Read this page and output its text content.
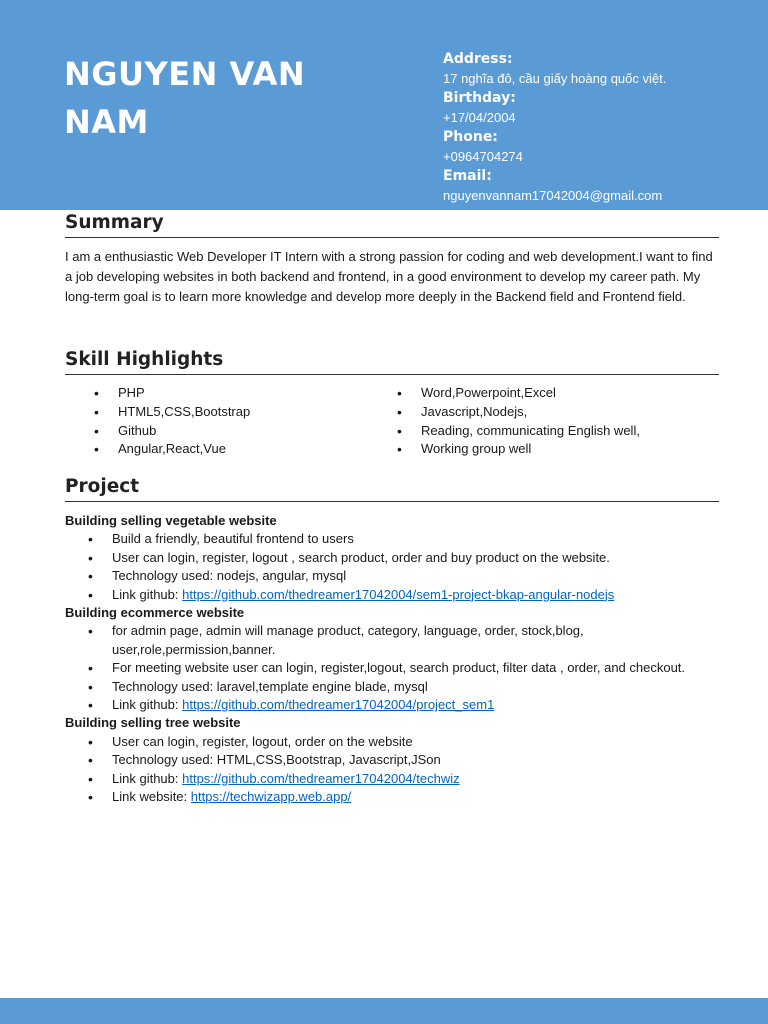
NGUYEN VAN
NAM
Address:
17 nghĩa đô, cầu giấy hoàng quốc việt.
Birthday:
+17/04/2004
Phone:
+0964704274
Email:
nguyenvannam17042004@gmail.com
Summary
I am a enthusiastic Web Developer IT Intern with a strong passion for coding and web development.I want to find a job developing websites in both backend and frontend, in a good environment to develop my career path. My long-term goal is to learn more knowledge and develop more deeply in the Backend field and Frontend field.
Skill Highlights
• PHP
• HTML5,CSS,Bootstrap
• Github
• Angular,React,Vue
• Word,Powerpoint,Excel
• Javascript,Nodejs,
• Reading, communicating English well,
• Working group well
Project
Building selling vegetable website
• Build a friendly, beautiful frontend to users
• User can login, register, logout , search product, order and buy product on the website.
• Technology used: nodejs, angular, mysql
• Link github: https://github.com/thedreamer17042004/sem1-project-bkap-angular-nodejs
Building ecommerce website
• for admin page, admin will manage product, category, language, order, stock,blog, user,role,permission,banner.
• For meeting website user can login, register,logout, search product, filter data , order, and checkout.
• Technology used: laravel,template engine blade, mysql
• Link github: https://github.com/thedreamer17042004/project_sem1
Building selling tree website
• User can login, register, logout, order on the website
• Technology used: HTML,CSS,Bootstrap, Javascript,JSon
• Link github: https://github.com/thedreamer17042004/techwiz
• Link website: https://techwizapp.web.app/
